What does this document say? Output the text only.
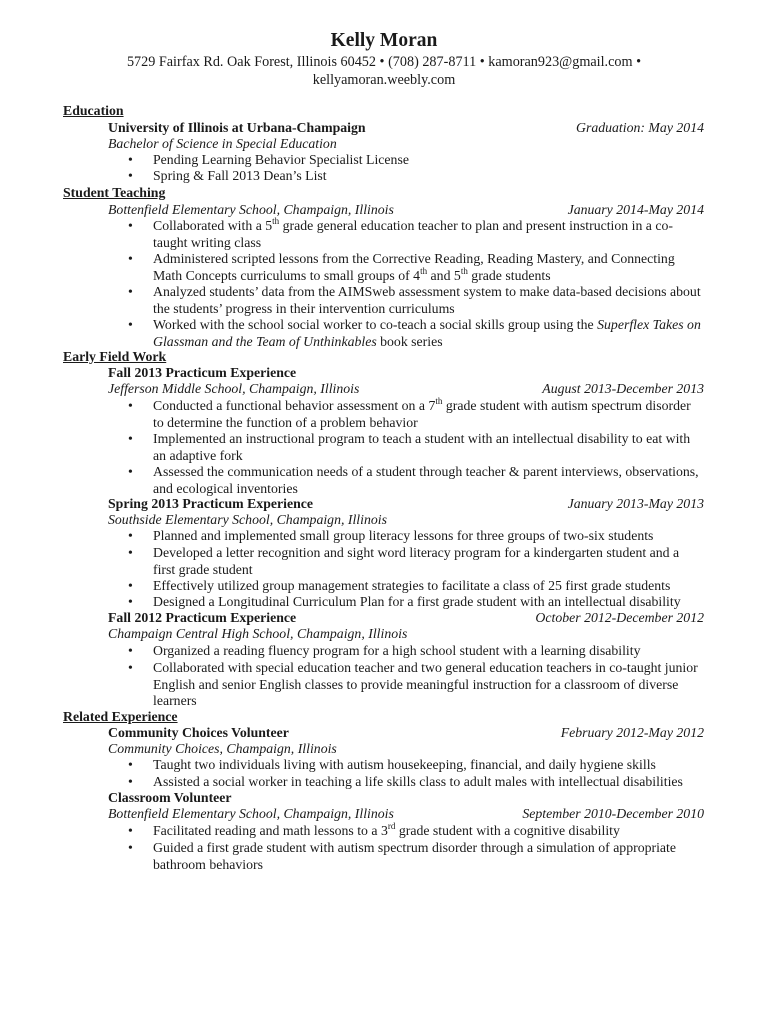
Kelly Moran
5729 Fairfax Rd. Oak Forest, Illinois 60452 • (708) 287-8711 • kamoran923@gmail.com •
kellyamoran.weebly.com
Education
University of Illinois at Urbana-Champaign	Graduation: May 2014
Bachelor of Science in Special Education
• Pending Learning Behavior Specialist License
• Spring & Fall 2013 Dean’s List
Student Teaching
Bottenfield Elementary School, Champaign, Illinois	January 2014-May 2014
• Collaborated with a 5th grade general education teacher to plan and present instruction in a co-
taught writing class
• Administered scripted lessons from the Corrective Reading, Reading Mastery, and Connecting
Math Concepts curriculums to small groups of 4th and 5th grade students
• Analyzed students’ data from the AIMSweb assessment system to make data-based decisions about
the students’ progress in their intervention curriculums
• Worked with the school social worker to co-teach a social skills group using the Superflex Takes on
Glassman and the Team of Unthinkables book series
Early Field Work
Fall 2013 Practicum Experience
Jefferson Middle School, Champaign, Illinois	August 2013-December 2013
• Conducted a functional behavior assessment on a 7th grade student with autism spectrum disorder
to determine the function of a problem behavior
• Implemented an instructional program to teach a student with an intellectual disability to eat with
an adaptive fork
• Assessed the communication needs of a student through teacher & parent interviews, observations,
and ecological inventories
Spring 2013 Practicum Experience	January 2013-May 2013
Southside Elementary School, Champaign, Illinois
• Planned and implemented small group literacy lessons for three groups of two-six students
• Developed a letter recognition and sight word literacy program for a kindergarten student and a
first grade student
• Effectively utilized group management strategies to facilitate a class of 25 first grade students
• Designed a Longitudinal Curriculum Plan for a first grade student with an intellectual disability
Fall 2012 Practicum Experience	October 2012-December 2012
Champaign Central High School, Champaign, Illinois
• Organized a reading fluency program for a high school student with a learning disability
• Collaborated with special education teacher and two general education teachers in co-taught junior
English and senior English classes to provide meaningful instruction for a classroom of diverse
learners
Related Experience
Community Choices Volunteer	February 2012-May 2012
Community Choices, Champaign, Illinois
• Taught two individuals living with autism housekeeping, financial, and daily hygiene skills
• Assisted a social worker in teaching a life skills class to adult males with intellectual disabilities
Classroom Volunteer
Bottenfield Elementary School, Champaign, Illinois	September 2010-December 2010
• Facilitated reading and math lessons to a 3rd grade student with a cognitive disability
• Guided a first grade student with autism spectrum disorder through a simulation of appropriate
bathroom behaviors
